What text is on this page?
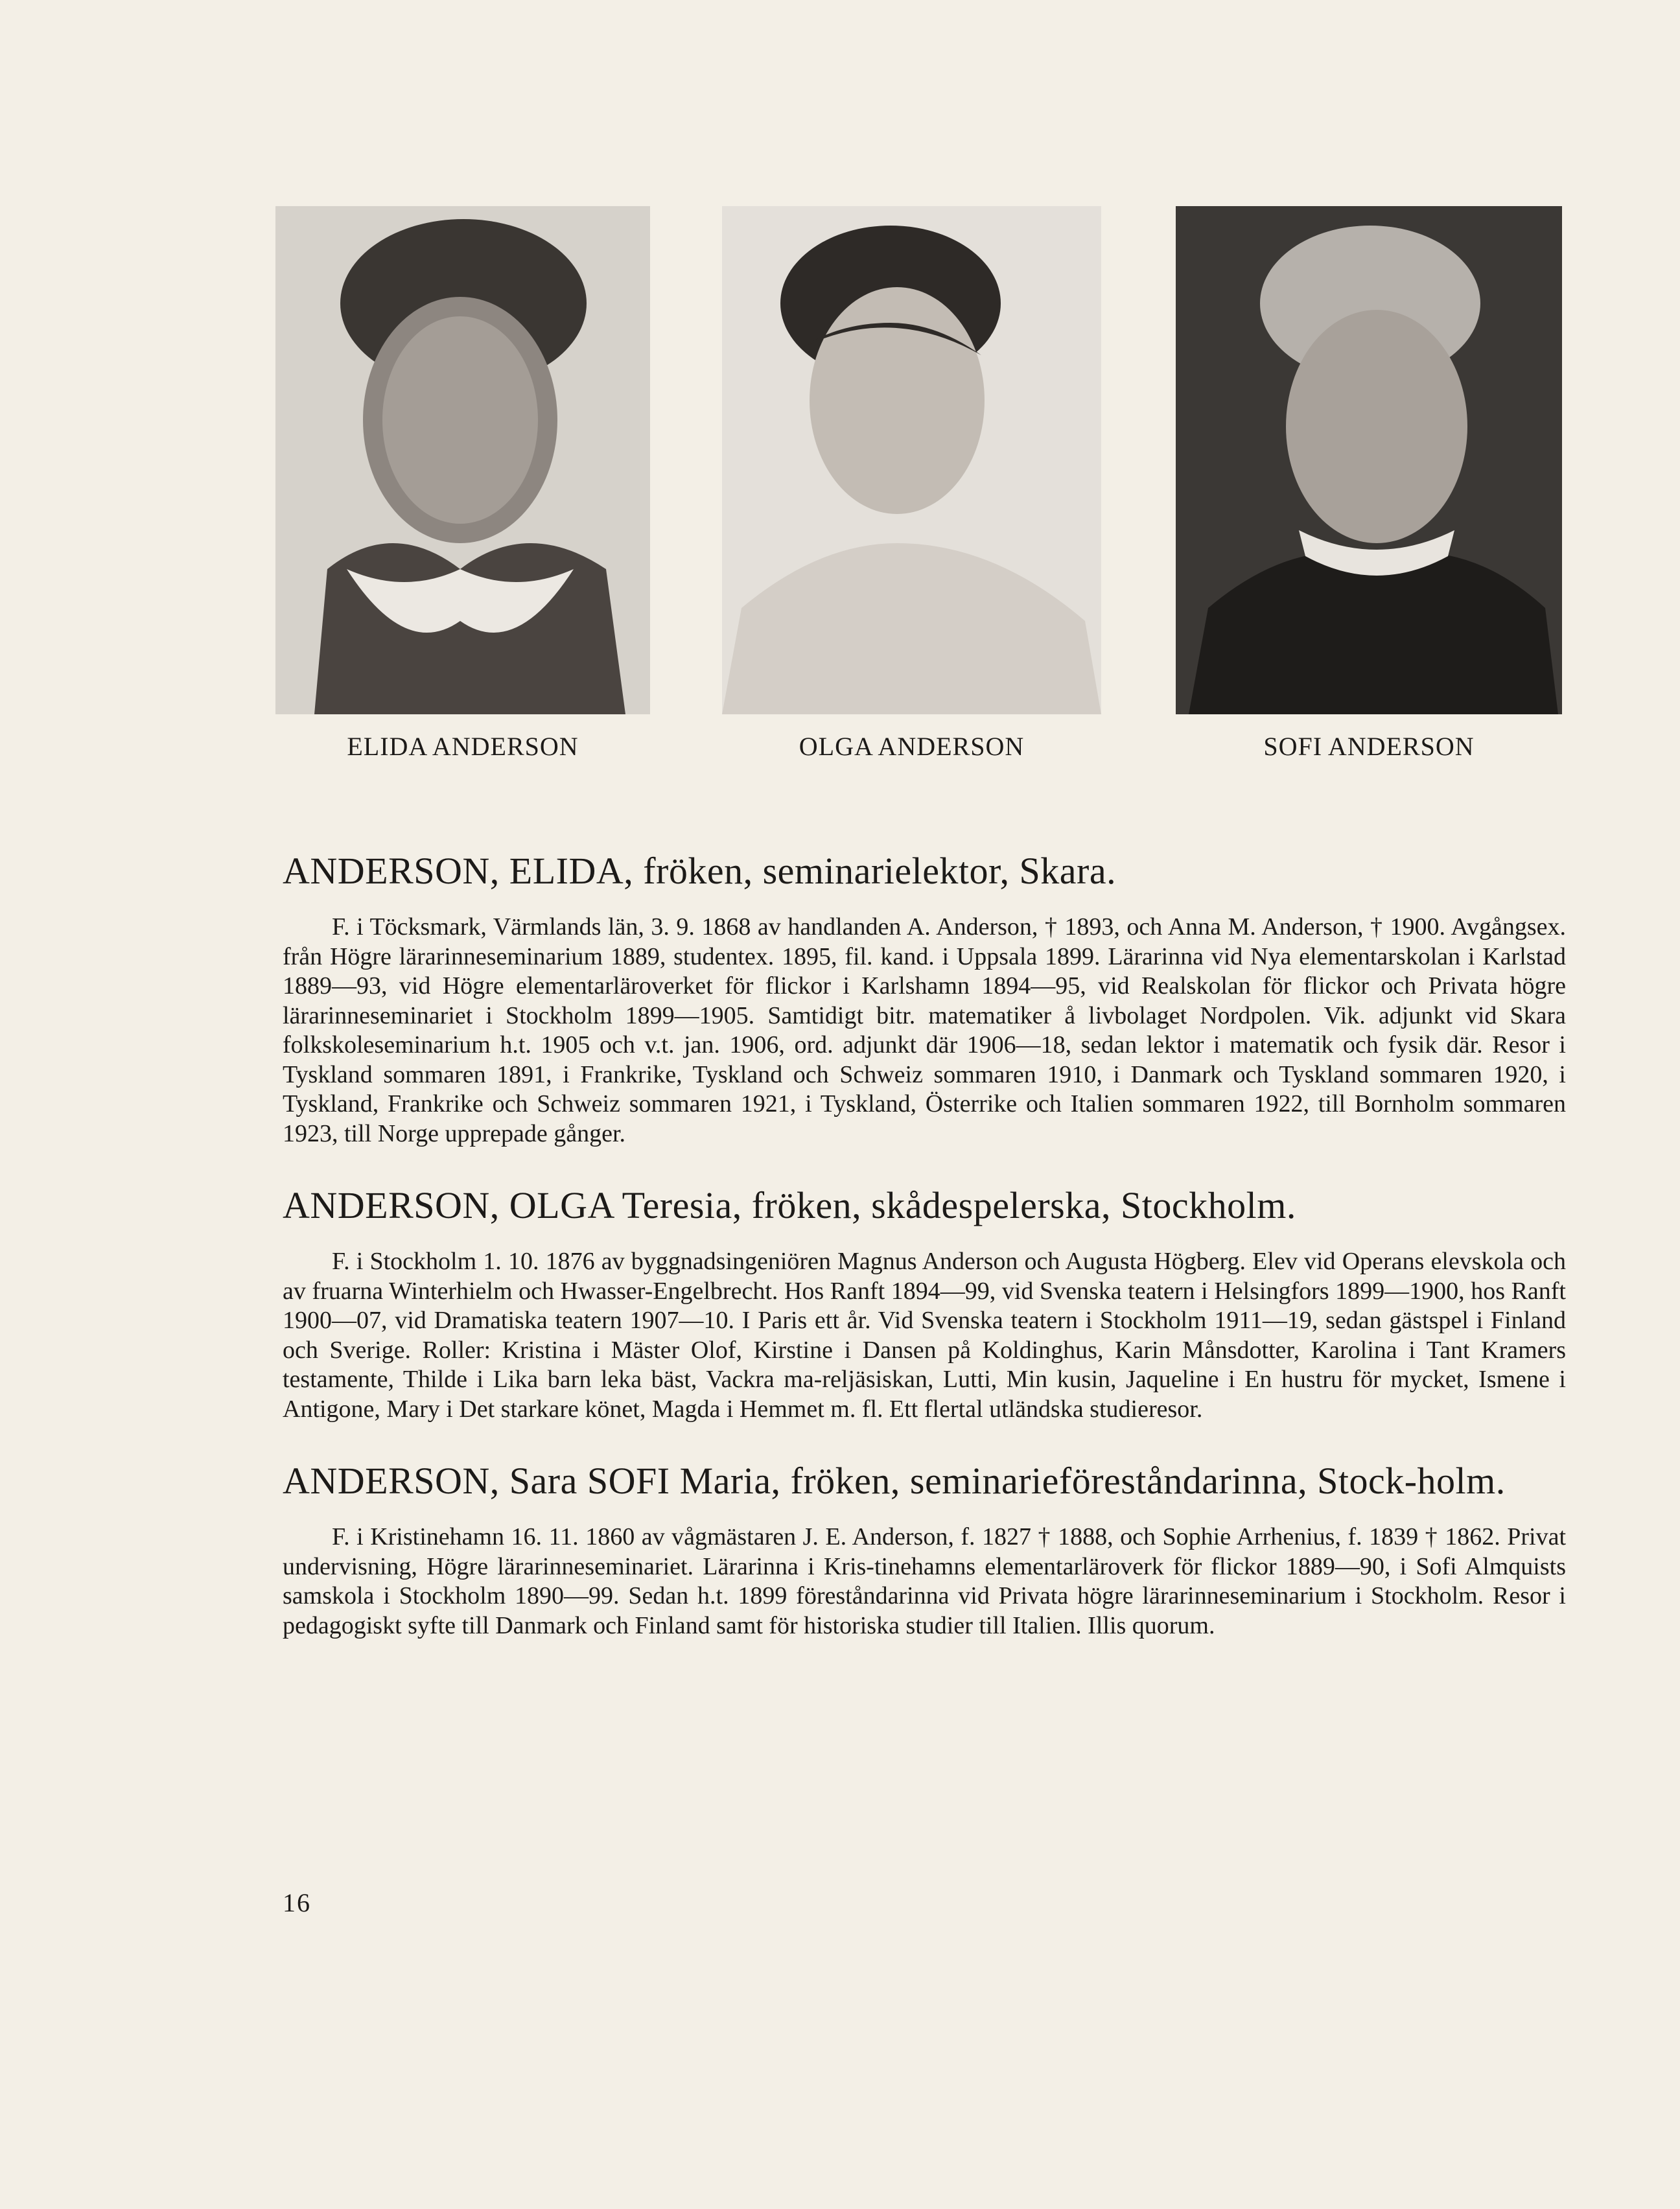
ELIDA ANDERSON	OLGA ANDERSON	SOFI ANDERSON
ANDERSON, ELIDA, fröken, seminarielektor, Skara.

F. i Töcksmark, Värmlands län, 3. 9. 1868 av handlanden A. Anderson, † 1893, och Anna M. Anderson, † 1900. Avgångsex. från Högre lärarinneseminarium 1889, studentex. 1895, fil. kand. i Uppsala 1899. Lärarinna vid Nya elementarskolan i Karlstad 1889—93, vid Högre elementarläroverket för flickor i Karlshamn 1894—95, vid Realskolan för flickor och Privata högre lärarinneseminariet i Stockholm 1899—1905. Samtidigt bitr. matematiker å livbolaget Nordpolen. Vik. adjunkt vid Skara folkskoleseminarium h.t. 1905 och v.t. jan. 1906, ord. adjunkt där 1906—18, sedan lektor i matematik och fysik där. Resor i Tyskland sommaren 1891, i Frankrike, Tyskland och Schweiz sommaren 1910, i Danmark och Tyskland sommaren 1920, i Tyskland, Frankrike och Schweiz sommaren 1921, i Tyskland, Österrike och Italien sommaren 1922, till Bornholm sommaren 1923, till Norge upprepade gånger.

ANDERSON, OLGA Teresia, fröken, skådespelerska, Stockholm.

F. i Stockholm 1. 10. 1876 av byggnadsingeniören Magnus Anderson och Augusta Högberg. Elev vid Operans elevskola och av fruarna Winterhielm och Hwasser-Engelbrecht. Hos Ranft 1894—99, vid Svenska teatern i Helsingfors 1899—1900, hos Ranft 1900—07, vid Dramatiska teatern 1907—10. I Paris ett år. Vid Svenska teatern i Stockholm 1911—19, sedan gästspel i Finland och Sverige. Roller: Kristina i Mäster Olof, Kirstine i Dansen på Koldinghus, Karin Månsdotter, Karolina i Tant Kramers testamente, Thilde i Lika barn leka bäst, Vackra ma-reljäsiskan, Lutti, Min kusin, Jaqueline i En hustru för mycket, Ismene i Antigone, Mary i Det starkare könet, Magda i Hemmet m. fl. Ett flertal utländska studieresor.

ANDERSON, Sara SOFI Maria, fröken, seminarieföreståndarinna, Stock-holm.

F. i Kristinehamn 16. 11. 1860 av vågmästaren J. E. Anderson, f. 1827 † 1888, och Sophie Arrhenius, f. 1839 † 1862. Privat undervisning, Högre lärarinneseminariet. Lärarinna i Kris-tinehamns elementarläroverk för flickor 1889—90, i Sofi Almquists samskola i Stockholm 1890—99. Sedan h.t. 1899 föreståndarinna vid Privata högre lärarinneseminarium i Stockholm. Resor i pedagogiskt syfte till Danmark och Finland samt för historiska studier till Italien. Illis quorum.

16
